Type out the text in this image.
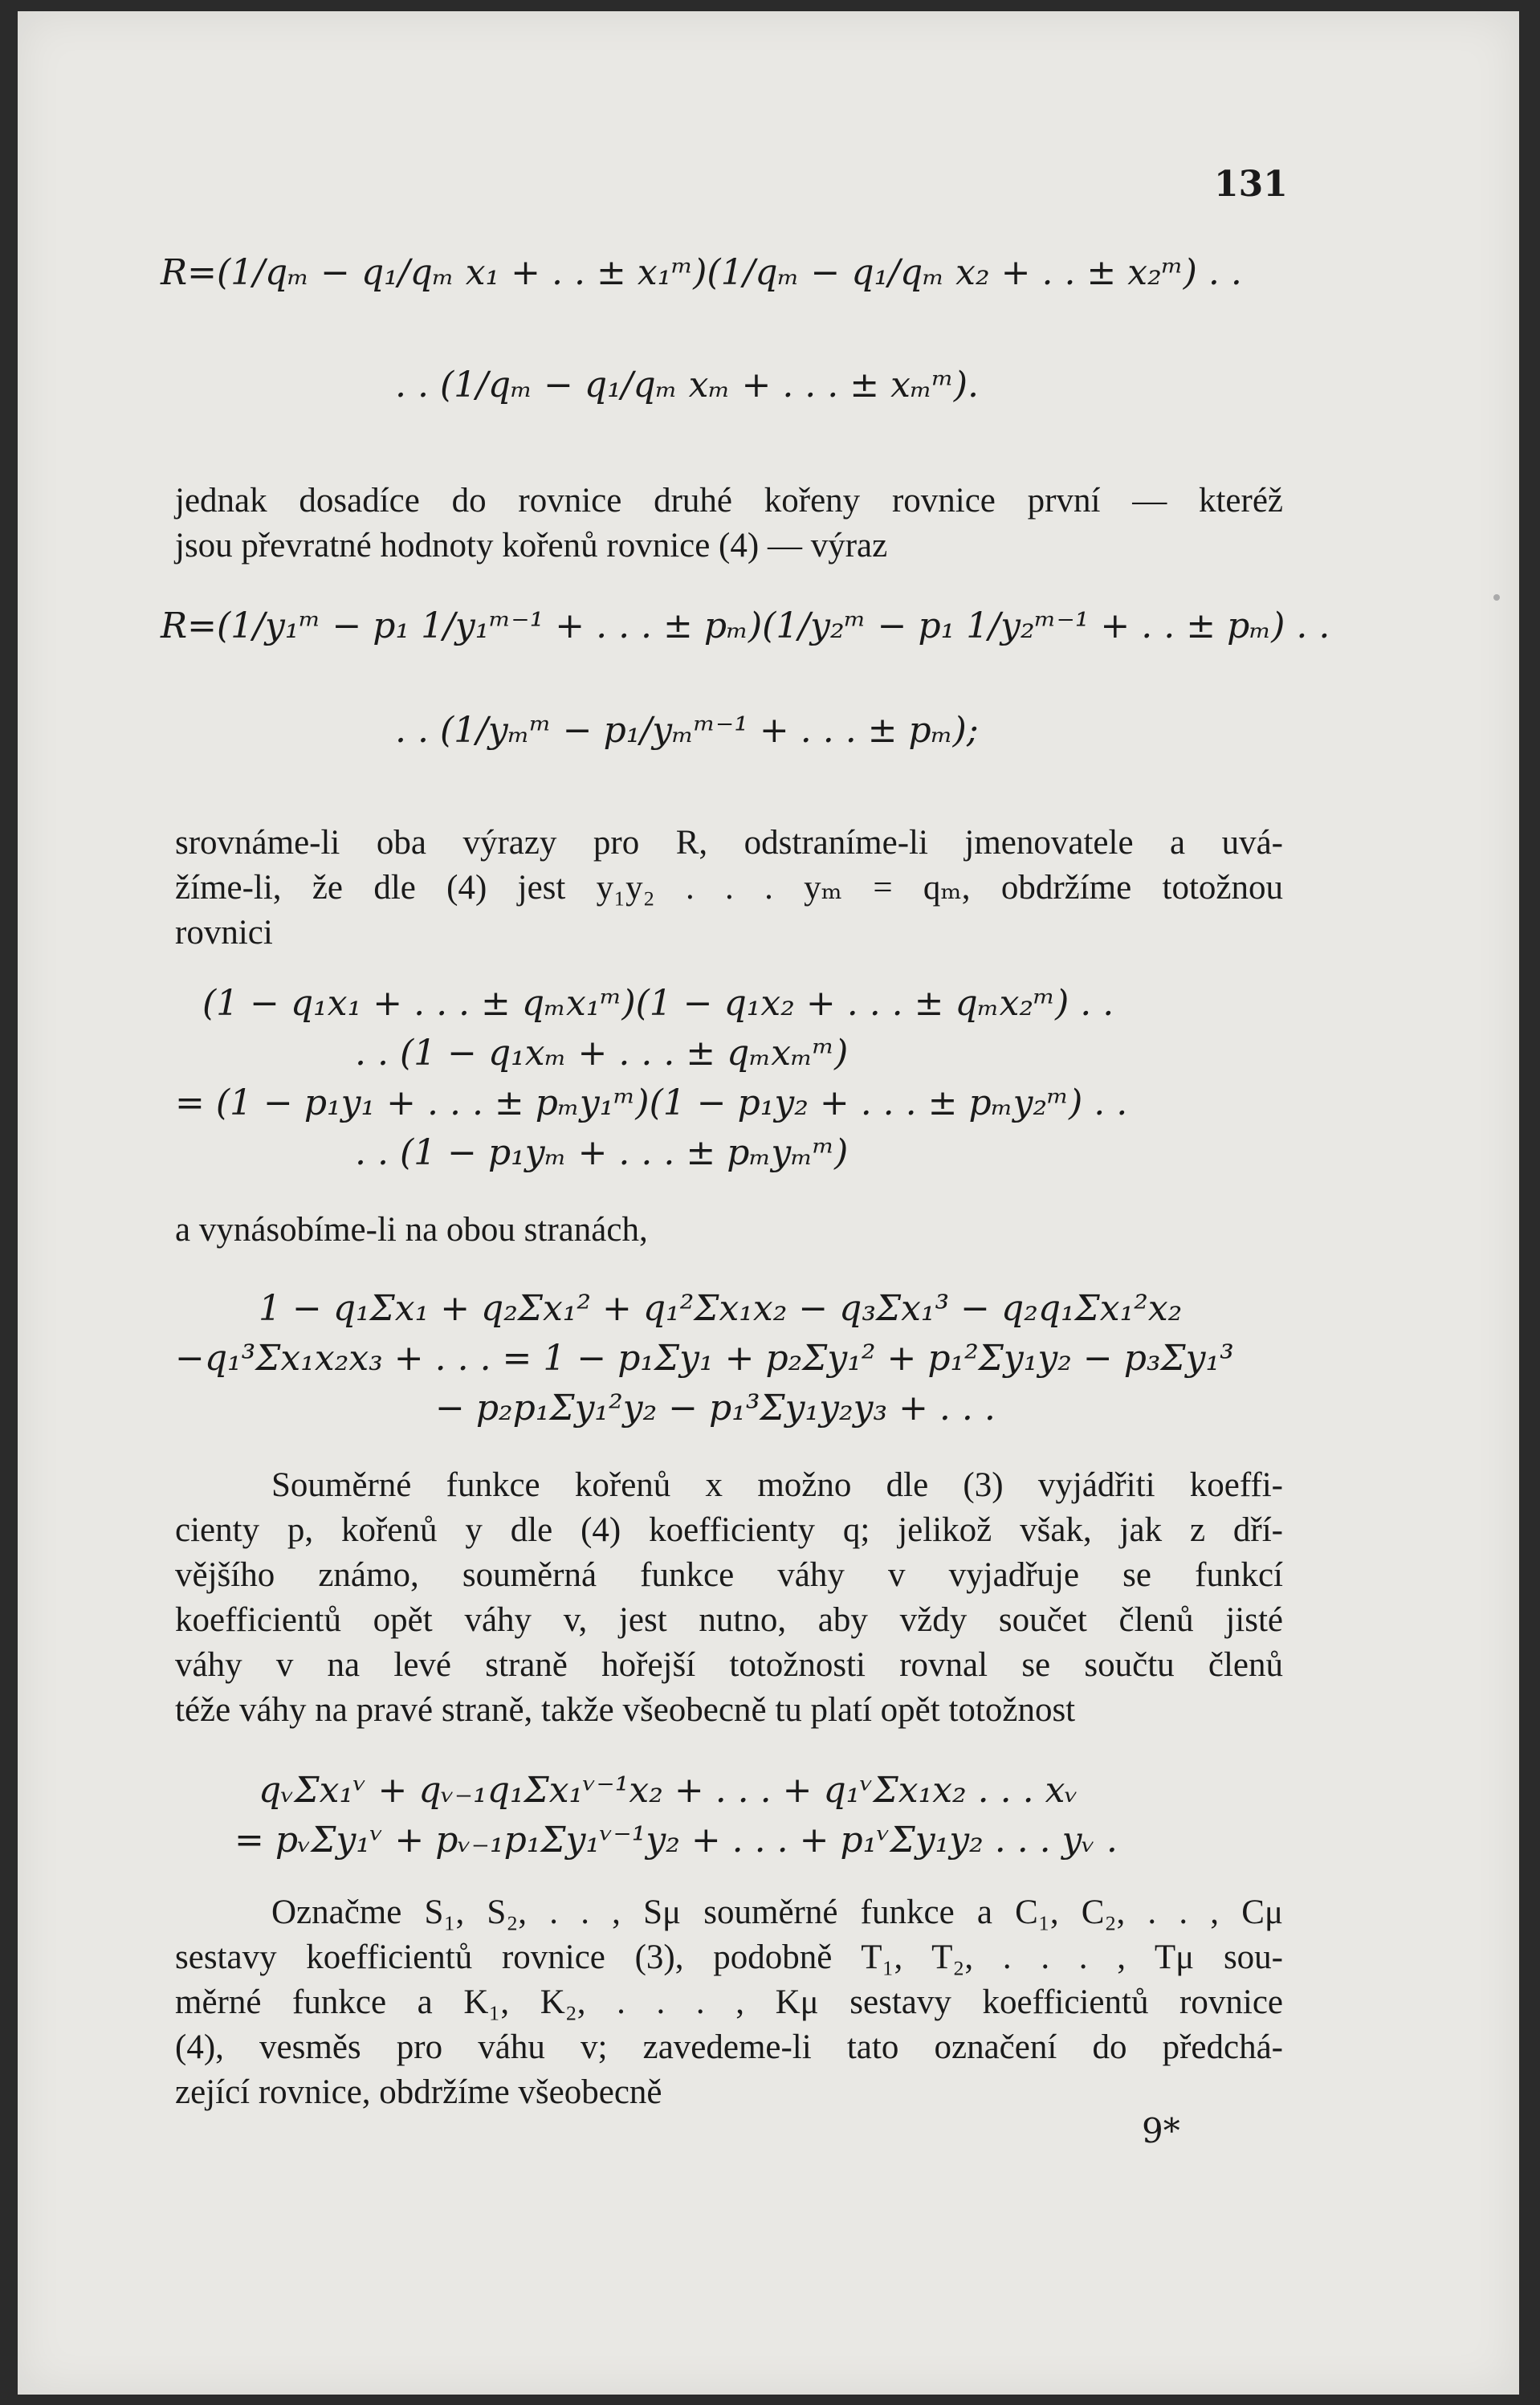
131
R=(1/qₘ − q₁/qₘ x₁ + . . ± x₁ᵐ)(1/qₘ − q₁/qₘ x₂ + . . ± x₂ᵐ) . .
. . (1/qₘ − q₁/qₘ xₘ + . . . ± xₘᵐ).
jednak dosadíce do rovnice druhé kořeny rovnice první — kteréž
jsou převratné hodnoty kořenů rovnice (4) — výraz
R=(1/y₁ᵐ − p₁ 1/y₁ᵐ⁻¹ + . . . ± pₘ)(1/y₂ᵐ − p₁ 1/y₂ᵐ⁻¹ + . . ± pₘ) . .
. . (1/yₘᵐ − p₁/yₘᵐ⁻¹ + . . . ± pₘ);
srovnáme-li oba výrazy pro R, odstraníme-li jmenovatele a uvá-
žíme-li, že dle (4) jest y₁y₂ . . . yₘ = qₘ, obdržíme totožnou
rovnici
(1 − q₁x₁ + . . . ± qₘx₁ᵐ)(1 − q₁x₂ + . . . ± qₘx₂ᵐ) . .
. . (1 − q₁xₘ + . . . ± qₘxₘᵐ)
= (1 − p₁y₁ + . . . ± pₘy₁ᵐ)(1 − p₁y₂ + . . . ± pₘy₂ᵐ) . .
. . (1 − p₁yₘ + . . . ± pₘyₘᵐ)
a vynásobíme-li na obou stranách,
1 − q₁Σx₁ + q₂Σx₁² + q₁²Σx₁x₂ − q₃Σx₁³ − q₂q₁Σx₁²x₂
−q₁³Σx₁x₂x₃ + . . . = 1 − p₁Σy₁ + p₂Σy₁² + p₁²Σy₁y₂ − p₃Σy₁³
− p₂p₁Σy₁²y₂ − p₁³Σy₁y₂y₃ + . . .
Souměrné funkce kořenů x možno dle (3) vyjádřiti koeffi-
cienty p, kořenů y dle (4) koefficienty q; jelikož však, jak z dří-
vějšího známo, souměrná funkce váhy v vyjadřuje se funkcí
koefficientů opět váhy v, jest nutno, aby vždy součet členů jisté
váhy v na levé straně hořejší totožnosti rovnal se součtu členů
téže váhy na pravé straně, takže všeobecně tu platí opět totožnost
qᵥΣx₁ᵛ + qᵥ₋₁q₁Σx₁ᵛ⁻¹x₂ + . . . + q₁ᵛΣx₁x₂ . . . xᵥ
= pᵥΣy₁ᵛ + pᵥ₋₁p₁Σy₁ᵛ⁻¹y₂ + . . . + p₁ᵛΣy₁y₂ . . . yᵥ .
Označme S₁, S₂, . . , Sμ souměrné funkce a C₁, C₂, . . , Cμ
sestavy koefficientů rovnice (3), podobně T₁, T₂, . . . , Tμ sou-
měrné funkce a K₁, K₂, . . . , Kμ sestavy koefficientů rovnice
(4), vesměs pro váhu v; zavedeme-li tato označení do předchá-
zející rovnice, obdržíme všeobecně
9*
